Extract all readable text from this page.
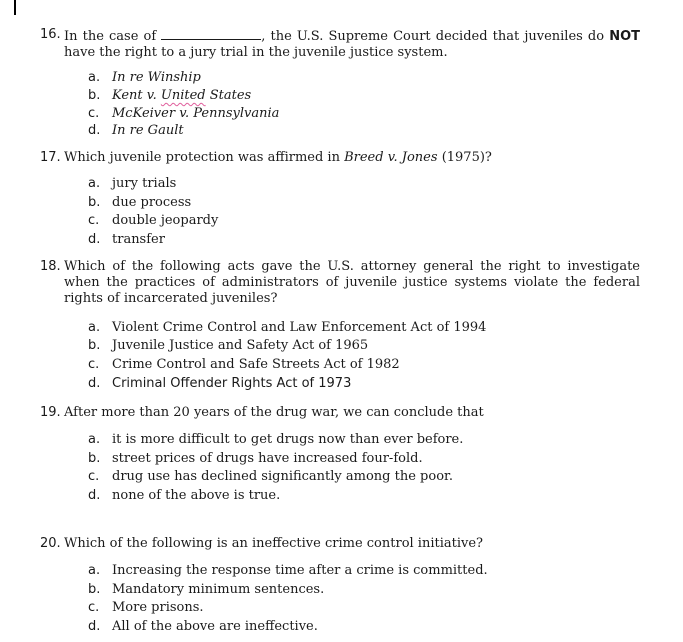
16. In the case of	, the U.S. Supreme Court decided that juveniles do NOT have the right to a jury trial in the juvenile justice system.
a. In re Winship
b. Kent v. United States
c. McKeiver v. Pennsylvania
d. In re Gault
17. Which juvenile protection was affirmed in Breed v. Jones (1975)?
a. jury trials
b. due process
c. double jeopardy
d. transfer
18. Which of the following acts gave the U.S. attorney general the right to investigate when the practices of administrators of juvenile justice systems violate the federal rights of incarcerated juveniles?
a. Violent Crime Control and Law Enforcement Act of 1994
b. Juvenile Justice and Safety Act of 1965
c. Crime Control and Safe Streets Act of 1982
d. Criminal Offender Rights Act of 1973
19. After more than 20 years of the drug war, we can conclude that
a. it is more difficult to get drugs now than ever before.
b. street prices of drugs have increased four-fold.
c. drug use has declined significantly among the poor.
d. none of the above is true.
20. Which of the following is an ineffective crime control initiative?
a. Increasing the response time after a crime is committed.
b. Mandatory minimum sentences.
c. More prisons.
d. All of the above are ineffective.
